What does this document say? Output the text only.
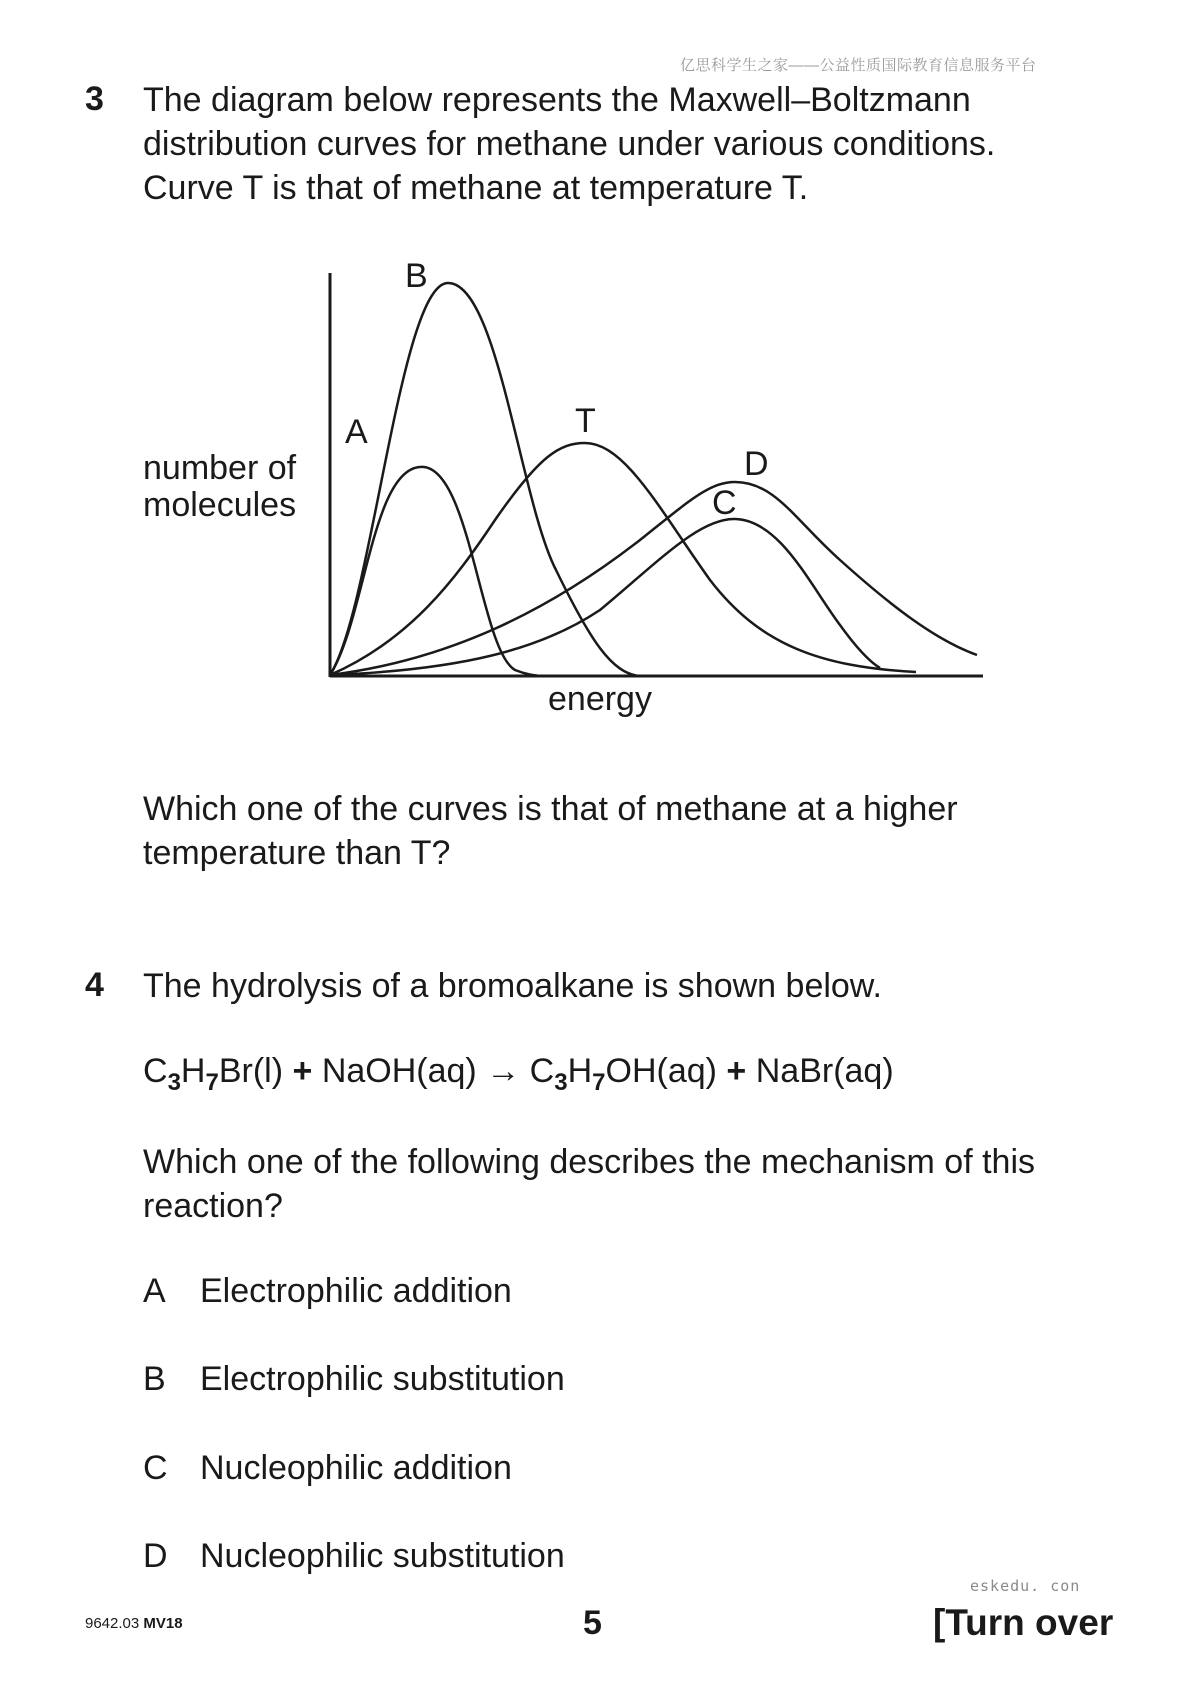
亿思科学生之家——公益性质国际教育信息服务平台
3 The diagram below represents the Maxwell–Boltzmann
distribution curves for methane under various conditions.
Curve T is that of methane at temperature T.
number of
molecules
B
A	T
D
C
energy
Which one of the curves is that of methane at a higher
temperature than T?
4 The hydrolysis of a bromoalkane is shown below.
$C_3H_7Br(l)$ + NaOH(aq) → $C_3H_7OH(aq)$ + NaBr(aq)
Which one of the following describes the mechanism of this
reaction?
A Electrophilic addition
B Electrophilic substitution
C Nucleophilic addition
D Nucleophilic substitution
eskedu. con
9642.03 MV18	5	[Turn over
